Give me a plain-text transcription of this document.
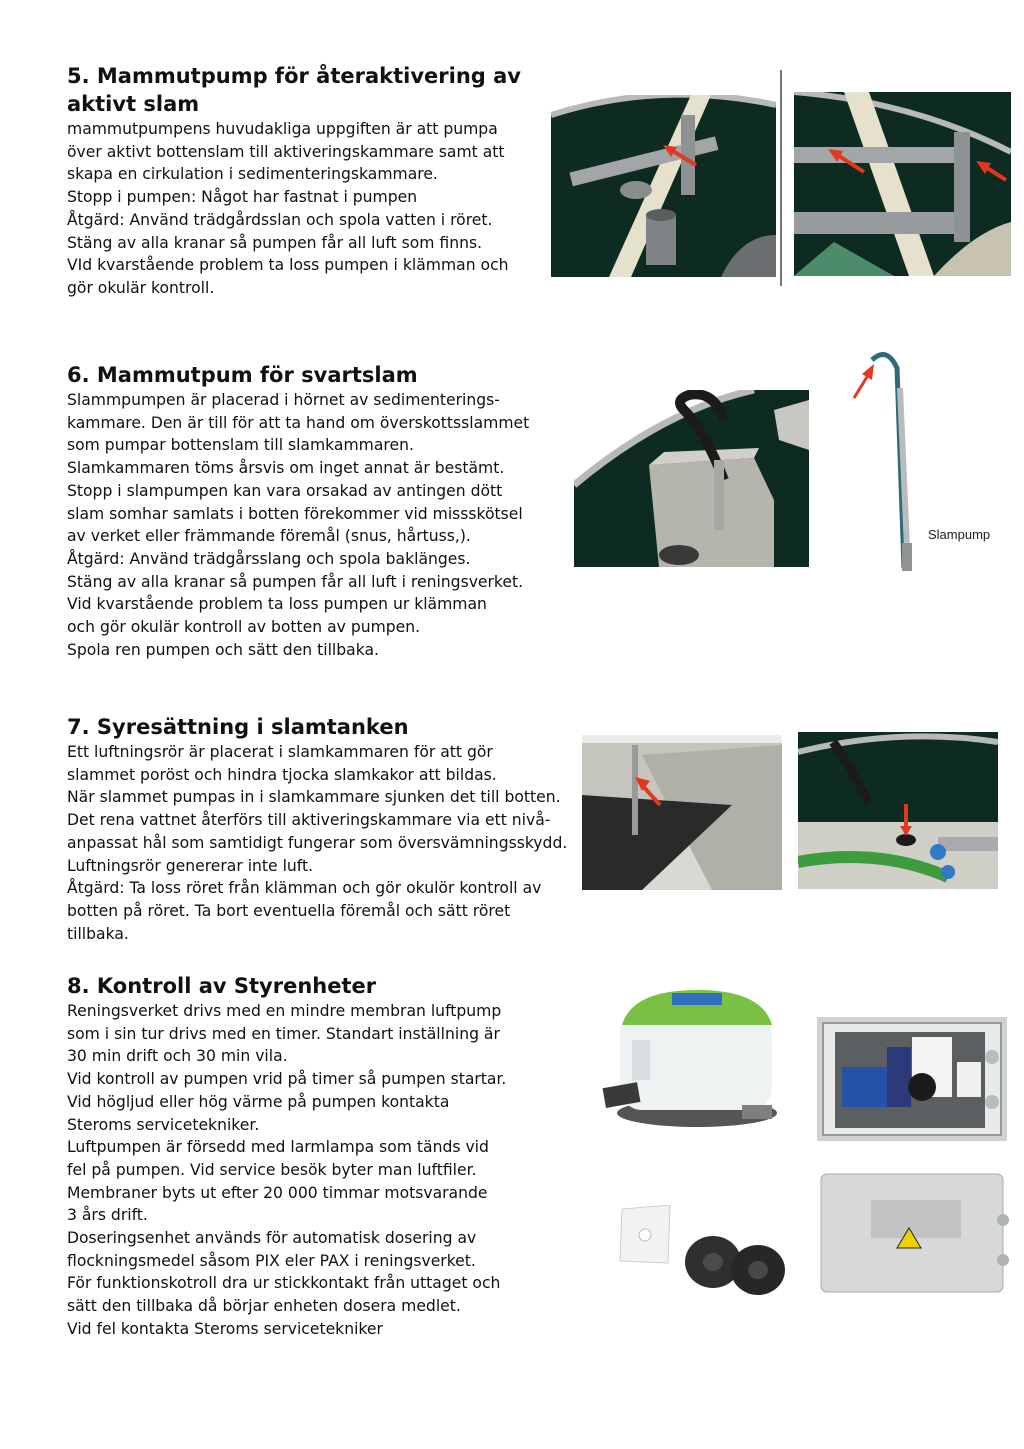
5. Mammutpump för återaktivering av
aktivt slam
mammutpumpens huvudakliga uppgiften är att pumpa
över aktivt bottenslam till aktiveringskammare samt att
skapa en cirkulation i sedimenteringskammare.
Stopp i pumpen: Något har fastnat i pumpen
Åtgärd: Använd trädgårdsslan och spola vatten i röret.
Stäng av alla kranar så pumpen får all luft som finns.
VId kvarstående problem ta loss pumpen i klämman och
gör okulär kontroll.
6. Mammutpum för svartslam
Slammpumpen är placerad i hörnet av sedimenterings-
kammare. Den är till för att ta hand om överskottsslammet
som pumpar bottenslam till slamkammaren.
Slamkammaren töms årsvis om inget annat är bestämt.
Stopp i slampumpen kan vara orsakad av antingen dött
slam somhar samlats i botten förekommer vid missskötsel
av verket eller främmande föremål (snus, hårtuss,).
Åtgärd: Använd trädgårsslang och spola baklänges.
Stäng av alla kranar så pumpen får all luft i reningsverket.
Vid kvarstående problem ta loss pumpen ur klämman
och gör okulär kontroll av botten av pumpen.
Spola ren pumpen och sätt den tillbaka.
Slampump
7. Syresättning i slamtanken
Ett luftningsrör är placerat i slamkammaren för att gör
slammet poröst och hindra tjocka slamkakor att bildas.
När slammet pumpas in i slamkammare sjunken det till botten.
Det rena vattnet återförs till aktiveringskammare via ett nivå-
anpassat hål som samtidigt fungerar som översvämningsskydd.
Luftningsrör genererar inte luft.
Åtgärd: Ta loss röret från klämman och gör okulör kontroll av
botten på röret. Ta bort eventuella föremål och sätt röret
tillbaka.
8. Kontroll av Styrenheter
Reningsverket drivs med en mindre membran luftpump
som i sin tur drivs med en timer. Standart inställning är
30 min drift och 30 min vila.
Vid kontroll av pumpen vrid på timer så pumpen startar.
Vid högljud eller hög värme på pumpen kontakta
Steroms servicetekniker.
Luftpumpen är försedd med larmlampa som tänds vid
fel på pumpen. Vid service besök byter man luftfiler.
Membraner byts ut efter 20 000 timmar motsvarande
3 års drift.
Doseringsenhet används för automatisk dosering av
flockningsmedel såsom PIX eler PAX i reningsverket.
För funktionskotroll dra ur stickkontakt från uttaget och
sätt den tillbaka då börjar enheten dosera medlet.
Vid fel kontakta Steroms servicetekniker
